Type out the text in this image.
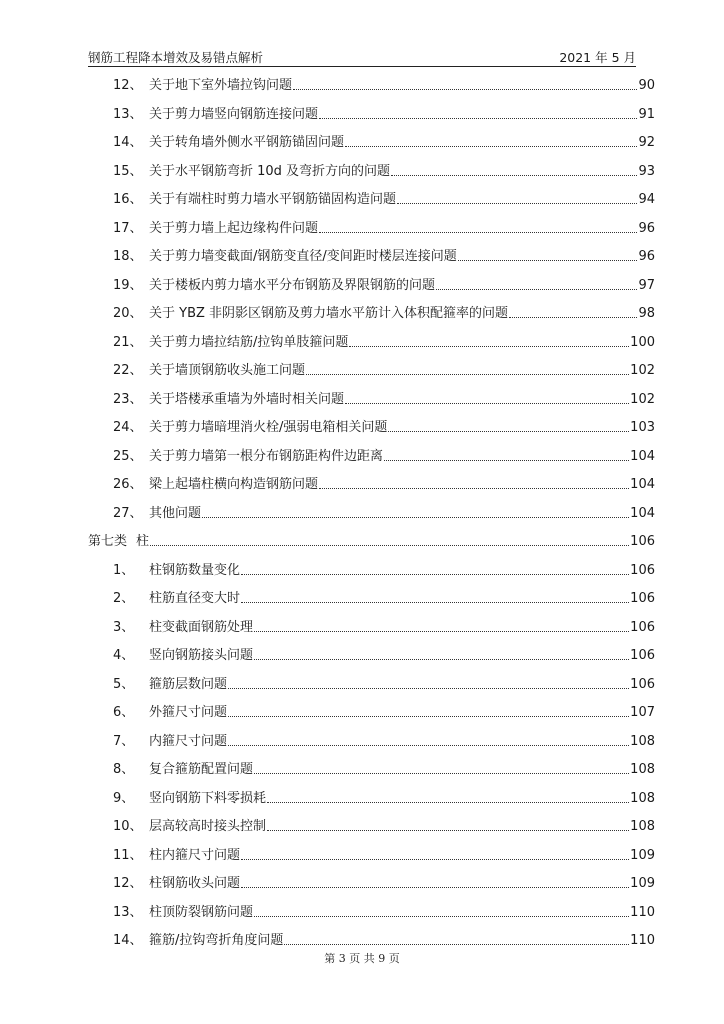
钢筋工程降本增效及易错点解析	2021 年 5 月
12、 关于地下室外墙拉钩问题	90
13、 关于剪力墙竖向钢筋连接问题	91
14、 关于转角墙外侧水平钢筋锚固问题	92
15、 关于水平钢筋弯折 10d 及弯折方向的问题	93
16、 关于有端柱时剪力墙水平钢筋锚固构造问题	94
17、 关于剪力墙上起边缘构件问题	96
18、 关于剪力墙变截面/钢筋变直径/变间距时楼层连接问题	96
19、 关于楼板内剪力墙水平分布钢筋及界限钢筋的问题	97
20、 关于 YBZ 非阴影区钢筋及剪力墙水平筋计入体积配箍率的问题	98
21、 关于剪力墙拉结筋/拉钩单肢箍问题	100
22、 关于墙顶钢筋收头施工问题	102
23、 关于塔楼承重墙为外墙时相关问题	102
24、 关于剪力墙暗埋消火栓/强弱电箱相关问题	103
25、 关于剪力墙第一根分布钢筋距构件边距离	104
26、 梁上起墙柱横向构造钢筋问题	104
27、 其他问题	104
第七类 柱	106
1、	柱钢筋数量变化	106
2、	柱筋直径变大时	106
3、	柱变截面钢筋处理	106
4、	竖向钢筋接头问题	106
5、	箍筋层数问题	106
6、	外箍尺寸问题	107
7、	内箍尺寸问题	108
8、	复合箍筋配置问题	108
9、	竖向钢筋下料零损耗	108
10、 层高较高时接头控制	108
11、 柱内箍尺寸问题	109
12、 柱钢筋收头问题	109
13、 柱顶防裂钢筋问题	110
14、 箍筋/拉钩弯折角度问题	110
第 3 页 共 9 页
